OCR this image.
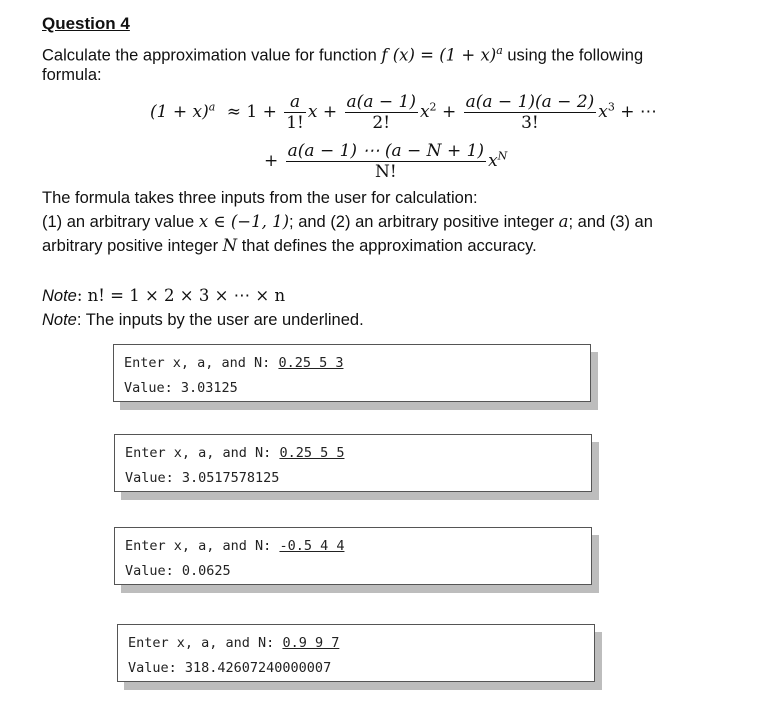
Question 4
Calculate the approximation value for function f $(x) = (1 + x)^a$ using the following
formula:
$(1 + x)^a \approx 1 + \frac{a}{1!}$ $x + \frac{a(a - 1)}{2!} x^2 + \frac{a(a - 1)(a - 2)}{3!} x^3$ + ⋯
+ $\frac{a(a - 1) \cdots (a - N + 1)}{N!} x^N$
The formula takes three inputs from the user for calculation:
(1) an arbitrary value x ∈ (−1, 1); and (2) an arbitrary positive integer a; and (3) an
arbitrary positive integer N that defines the approximation accuracy.
Note: n! = 1 × 2 × 3 × ⋯ × n
Note: The inputs by the user are underlined.
Enter x, a, and N: 0.25 5 3
Value: 3.03125
Enter x, a, and N: 0.25 5 5
Value: 3.0517578125
Enter x, a, and N: -0.5 4 4
Value: 0.0625
Enter x, a, and N: 0.9 9 7
Value: 318.42607240000007
